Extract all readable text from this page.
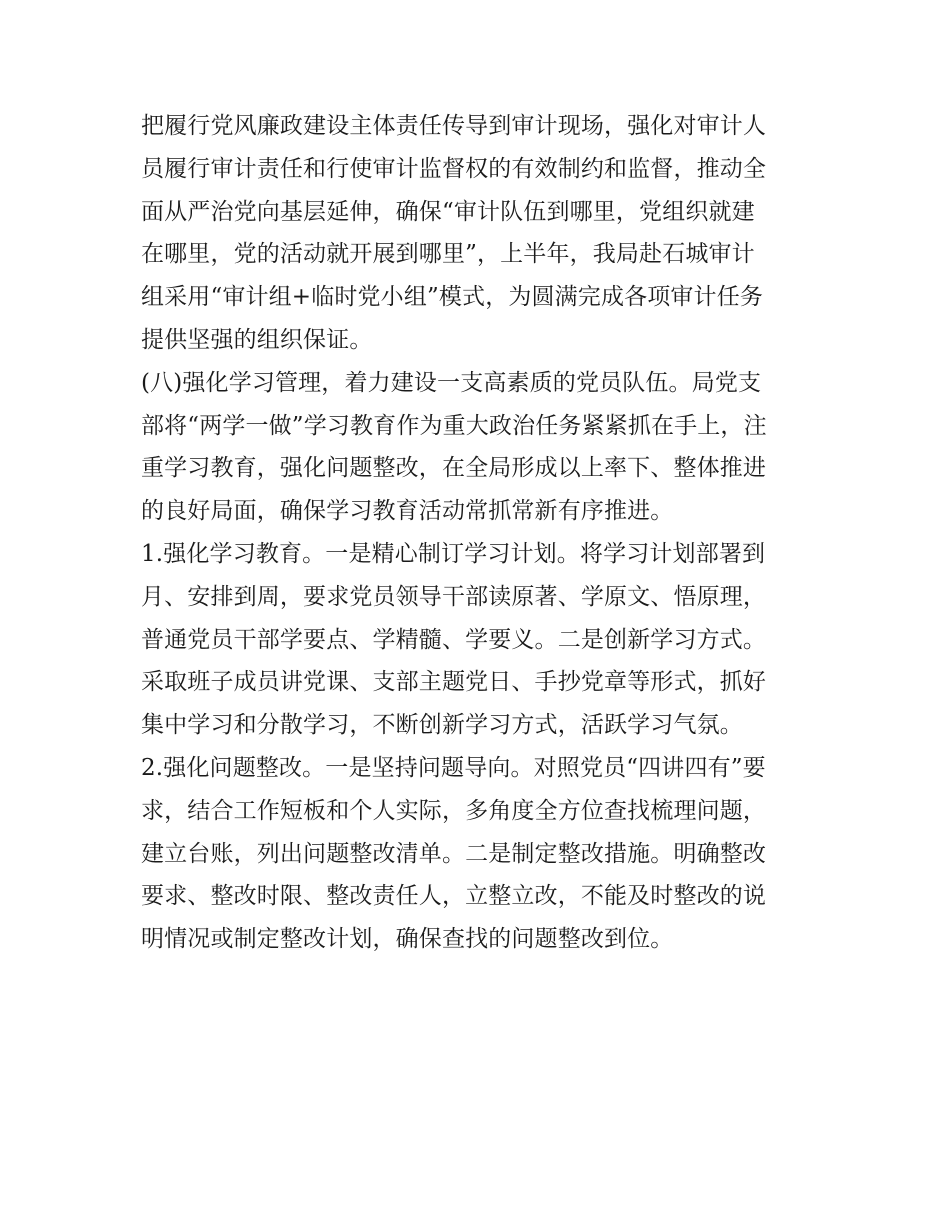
把履行党风廉政建设主体责任传导到审计现场，强化对审计人
员履行审计责任和行使审计监督权的有效制约和监督，推动全
面从严治党向基层延伸，确保“审计队伍到哪里，党组织就建
在哪里，党的活动就开展到哪里”，上半年，我局赴石城审计
组采用“审计组+临时党小组”模式，为圆满完成各项审计任务
提供坚强的组织保证。
(八)强化学习管理，着力建设一支高素质的党员队伍。局党支
部将“两学一做”学习教育作为重大政治任务紧紧抓在手上，注
重学习教育，强化问题整改，在全局形成以上率下、整体推进
的良好局面，确保学习教育活动常抓常新有序推进。
1.强化学习教育。一是精心制订学习计划。将学习计划部署到
月、安排到周，要求党员领导干部读原著、学原文、悟原理，
普通党员干部学要点、学精髓、学要义。二是创新学习方式。
采取班子成员讲党课、支部主题党日、手抄党章等形式，抓好
集中学习和分散学习，不断创新学习方式，活跃学习气氛。
2.强化问题整改。一是坚持问题导向。对照党员“四讲四有”要
求，结合工作短板和个人实际，多角度全方位查找梳理问题，
建立台账，列出问题整改清单。二是制定整改措施。明确整改
要求、整改时限、整改责任人，立整立改，不能及时整改的说
明情况或制定整改计划，确保查找的问题整改到位。
